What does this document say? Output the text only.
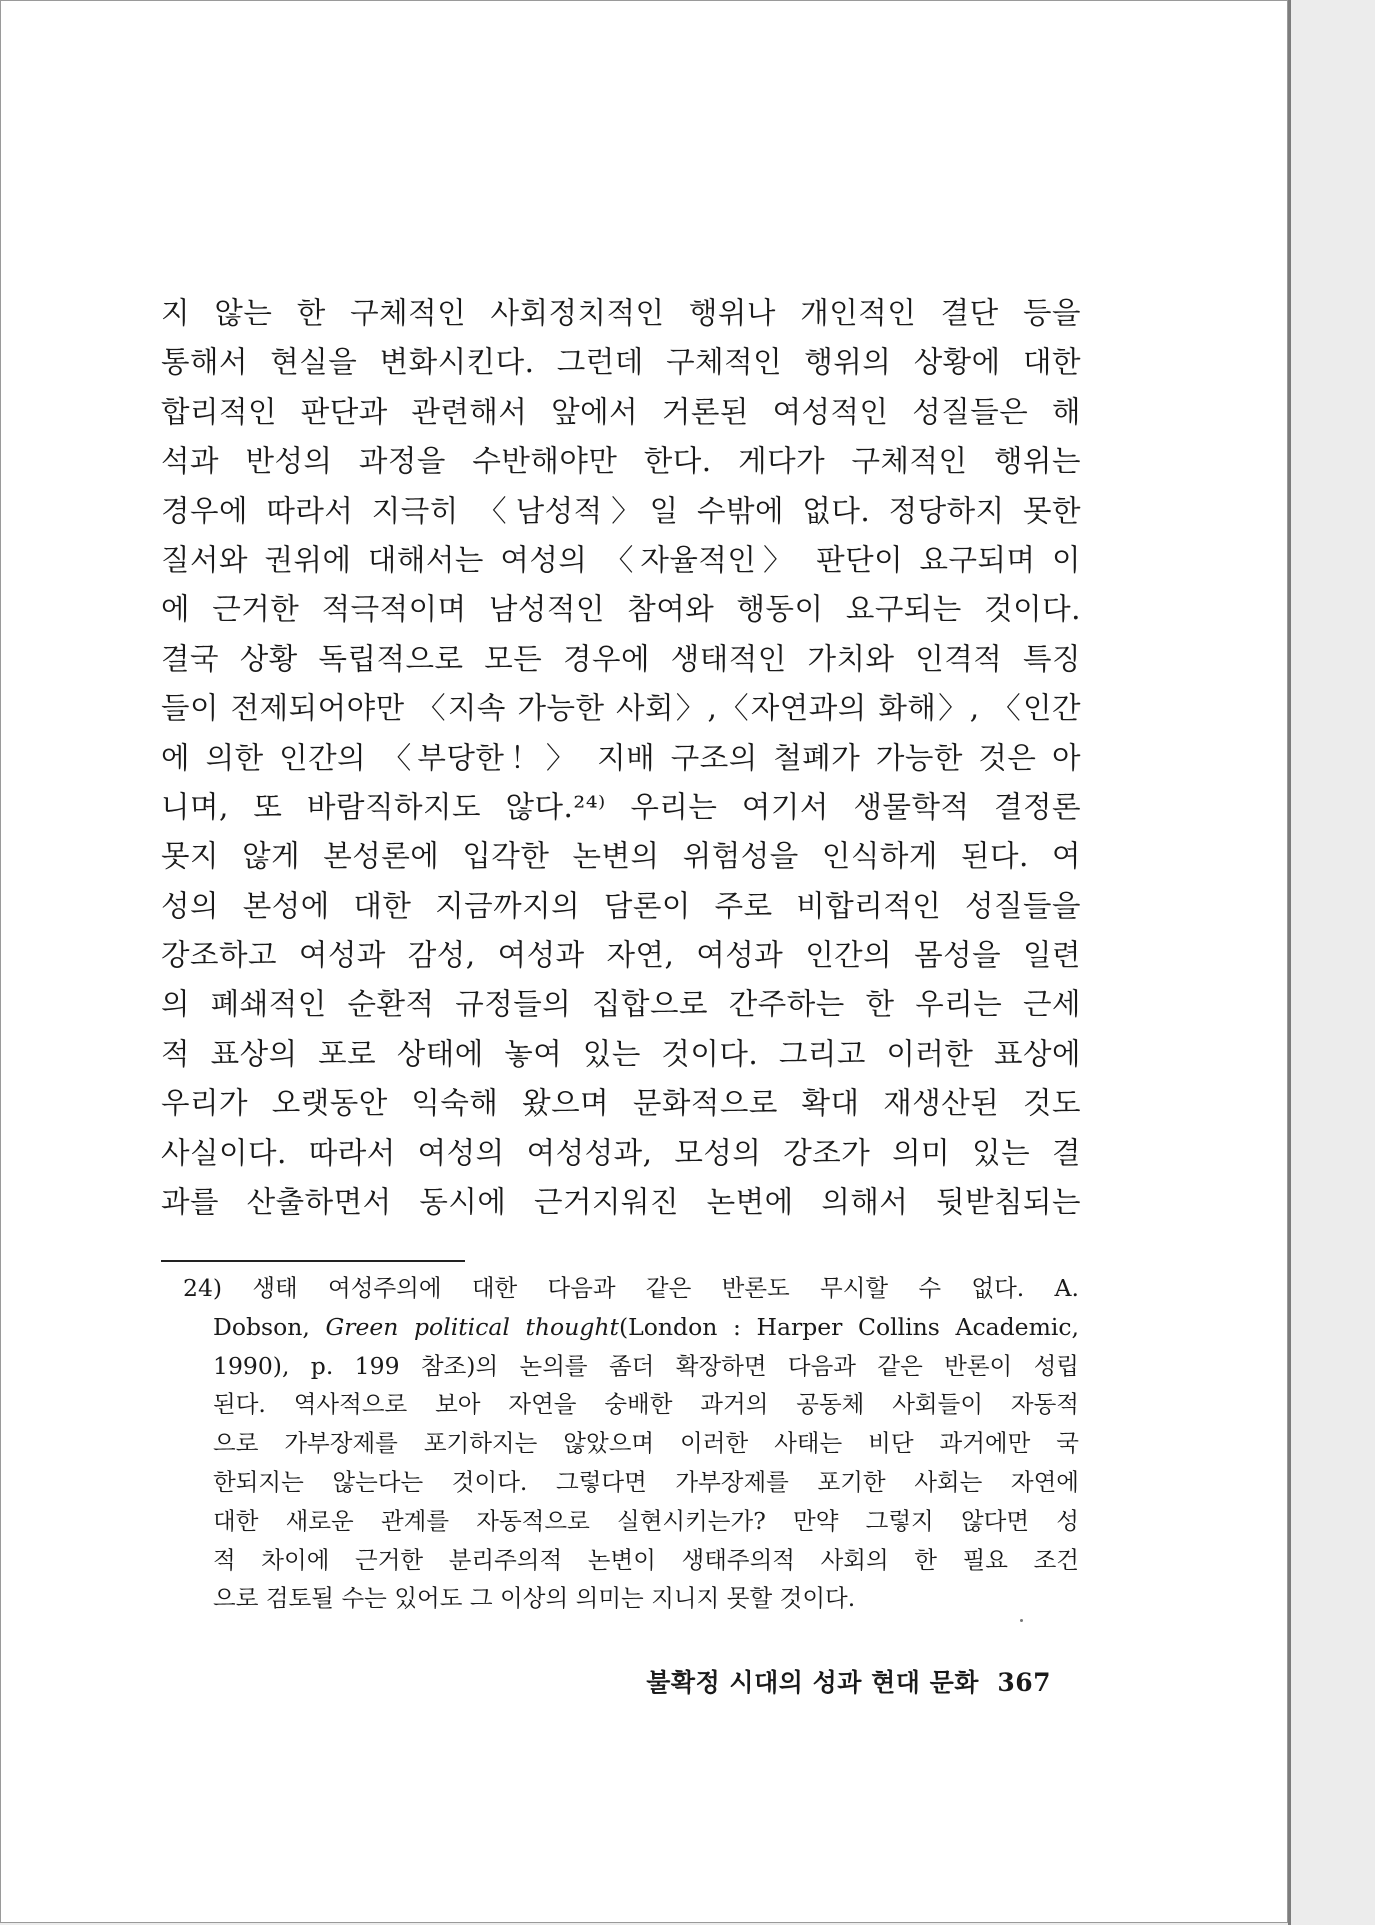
지 않는 한 구체적인 사회정치적인 행위나 개인적인 결단 등을
통해서 현실을 변화시킨다. 그런데 구체적인 행위의 상황에 대한
합리적인 판단과 관련해서 앞에서 거론된 여성적인 성질들은 해
석과 반성의 과정을 수반해야만 한다. 게다가 구체적인 행위는
경우에 따라서 지극히 〈남성적〉일 수밖에 없다. 정당하지 못한
질서와 권위에 대해서는 여성의 〈자율적인〉 판단이 요구되며 이
에 근거한 적극적이며 남성적인 참여와 행동이 요구되는 것이다.
결국 상황 독립적으로 모든 경우에 생태적인 가치와 인격적 특징
들이 전제되어야만 〈지속 가능한 사회〉,〈자연과의 화해〉, 〈인간
에 의한 인간의 〈부당한！〉 지배 구조의 철폐가 가능한 것은 아
니며, 또 바람직하지도 않다.²⁴⁾ 우리는 여기서 생물학적 결정론
못지 않게 본성론에 입각한 논변의 위험성을 인식하게 된다. 여
성의 본성에 대한 지금까지의 담론이 주로 비합리적인 성질들을
강조하고 여성과 감성, 여성과 자연, 여성과 인간의 몸성을 일련
의 폐쇄적인 순환적 규정들의 집합으로 간주하는 한 우리는 근세
적 표상의 포로 상태에 놓여 있는 것이다. 그리고 이러한 표상에
우리가 오랫동안 익숙해 왔으며 문화적으로 확대 재생산된 것도
사실이다. 따라서 여성의 여성성과, 모성의 강조가 의미 있는 결
과를 산출하면서 동시에 근거지워진 논변에 의해서 뒷받침되는
24) 생태 여성주의에 대한 다음과 같은 반론도 무시할 수 없다. A.
Dobson, Green political thought(London : Harper Collins Academic,
1990), p. 199 참조)의 논의를 좀더 확장하면 다음과 같은 반론이 성립
된다. 역사적으로 보아 자연을 숭배한 과거의 공동체 사회들이 자동적
으로 가부장제를 포기하지는 않았으며 이러한 사태는 비단 과거에만 국
한되지는 않는다는 것이다. 그렇다면 가부장제를 포기한 사회는 자연에
대한 새로운 관계를 자동적으로 실현시키는가? 만약 그렇지 않다면 성
적 차이에 근거한 분리주의적 논변이 생태주의적 사회의 한 필요 조건
으로 검토될 수는 있어도 그 이상의 의미는 지니지 못할 것이다.
불확정 시대의 성과 현대 문화 367
